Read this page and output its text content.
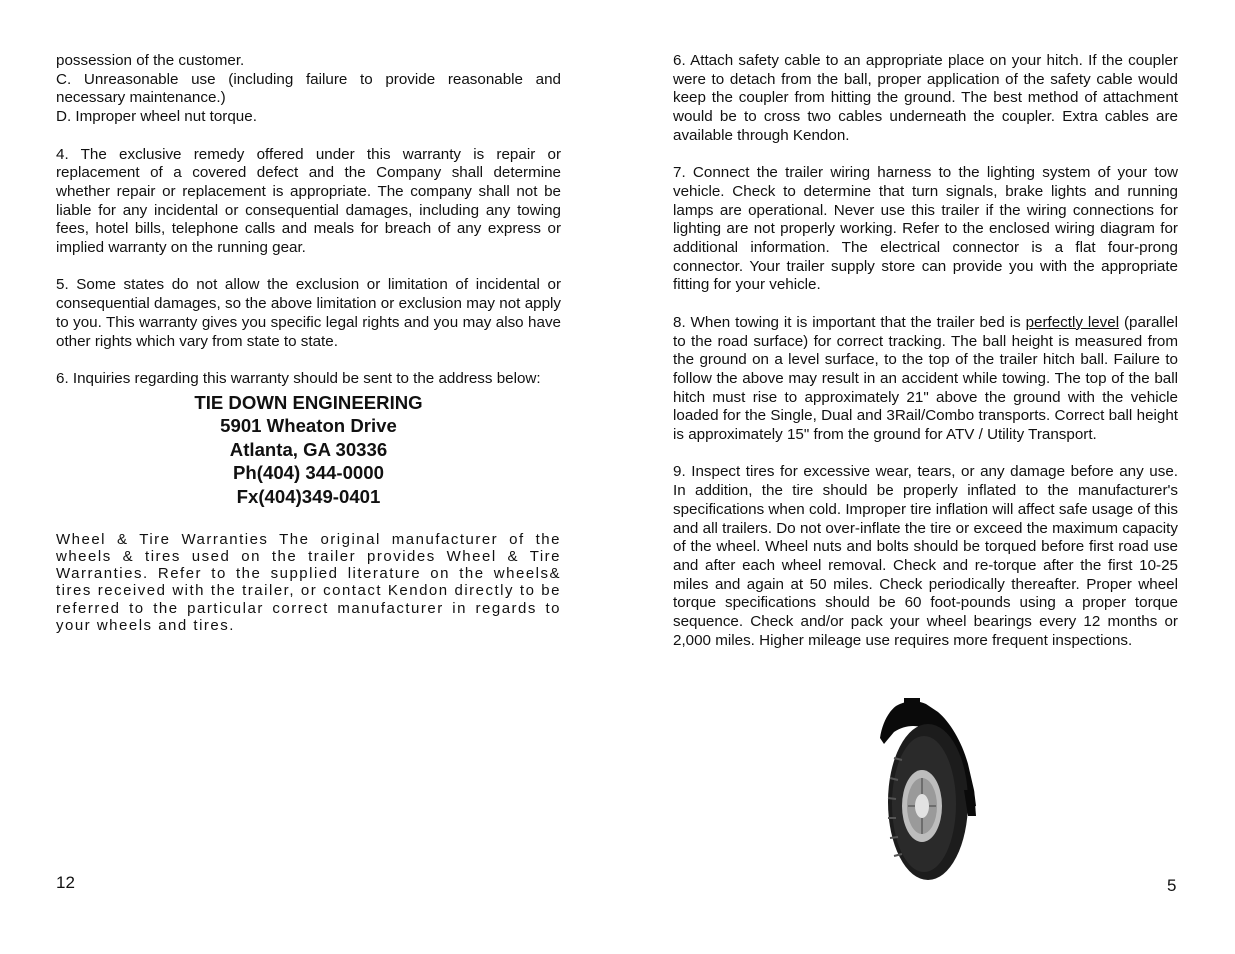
possession of the customer.

C. Unreasonable use (including failure to provide reasonable and necessary maintenance.)

D. Improper wheel nut torque.

4. The exclusive remedy offered under this warranty is repair or replacement of a covered defect and the Company shall determine whether repair or replacement is appropriate. The company shall not be liable for any incidental or consequential damages, including any towing fees, hotel bills, telephone calls and meals for breach of any express or implied warranty on the running gear.

5. Some states do not allow the exclusion or limitation of incidental or consequential damages, so the above limitation or exclusion may not apply to you. This warranty gives you specific legal rights and you may also have other rights which vary from state to state.

6. Inquiries regarding this warranty should be sent to the address below:

TIE DOWN ENGINEERING
5901 Wheaton Drive
Atlanta, GA 30336
Ph(404) 344-0000
Fx(404)349-0401

Wheel & Tire Warranties The original manufacturer of the wheels & tires used on the trailer provides Wheel & Tire Warranties. Refer to the supplied literature on the wheels& tires received with the trailer, or contact Kendon directly to be referred to the particular correct manufacturer in regards to your wheels and tires.

12

6. Attach safety cable to an appropriate place on your hitch. If the coupler were to detach from the ball, proper application of the safety cable would keep the coupler from hitting the ground. The best method of attachment would be to cross two cables underneath the coupler. Extra cables are available through Kendon.

7. Connect the trailer wiring harness to the lighting system of your tow vehicle. Check to determine that turn signals, brake lights and running lamps are operational. Never use this trailer if the wiring connections for lighting are not properly working. Refer to the enclosed wiring diagram for additional information. The electrical connector is a flat four-prong connector. Your trailer supply store can provide you with the appropriate fitting for your vehicle.

8. When towing it is important that the trailer bed is perfectly level (parallel to the road surface) for correct tracking. The ball height is measured from the ground on a level surface, to the top of the trailer hitch ball. Failure to follow the above may result in an accident while towing. The top of the ball hitch must rise to approximately 21" above the ground with the vehicle loaded for the Single, Dual and 3Rail/Combo transports. Correct ball height is approximately 15" from the ground for ATV / Utility Transport.

9. Inspect tires for excessive wear, tears, or any damage before any use. In addition, the tire should be properly inflated to the manufacturer's specifications when cold. Improper tire inflation will affect safe usage of this and all trailers. Do not over-inflate the tire or exceed the maximum capacity of the wheel. Wheel nuts and bolts should be torqued before first road use and after each wheel removal. Check and re-torque after the first 10-25 miles and again at 50 miles. Check periodically thereafter. Proper wheel torque specifications should be 60 foot-pounds using a proper torque sequence. Check and/or pack your wheel bearings every 12 months or 2,000 miles. Higher mileage use requires more frequent inspections.

5
